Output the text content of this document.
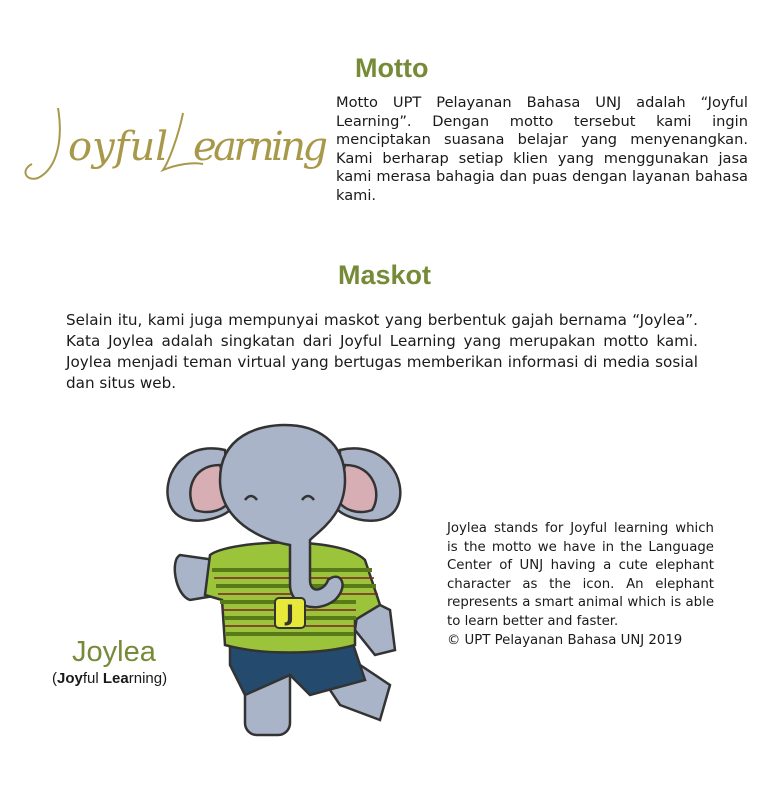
Motto
oyful earning
Motto UPT Pelayanan Bahasa UNJ adalah “Joyful Learning”. Dengan motto tersebut kami ingin menciptakan suasana belajar yang menyenangkan. Kami berharap setiap klien yang menggunakan jasa kami merasa bahagia dan puas dengan layanan bahasa kami.
Maskot
Selain itu, kami juga mempunyai maskot yang berbentuk gajah bernama “Joylea”. Kata Joylea adalah singkatan dari Joyful Learning yang merupakan motto kami. Joylea menjadi teman virtual yang bertugas memberikan informasi di media sosial dan situs web.
J
Joylea stands for Joyful learning which is the motto we have in the Language Center of UNJ having a cute elephant character as the icon. An elephant represents a smart animal which is able to learn better and faster.
© UPT Pelayanan Bahasa UNJ 2019
Joylea
(Joyful Learning)
